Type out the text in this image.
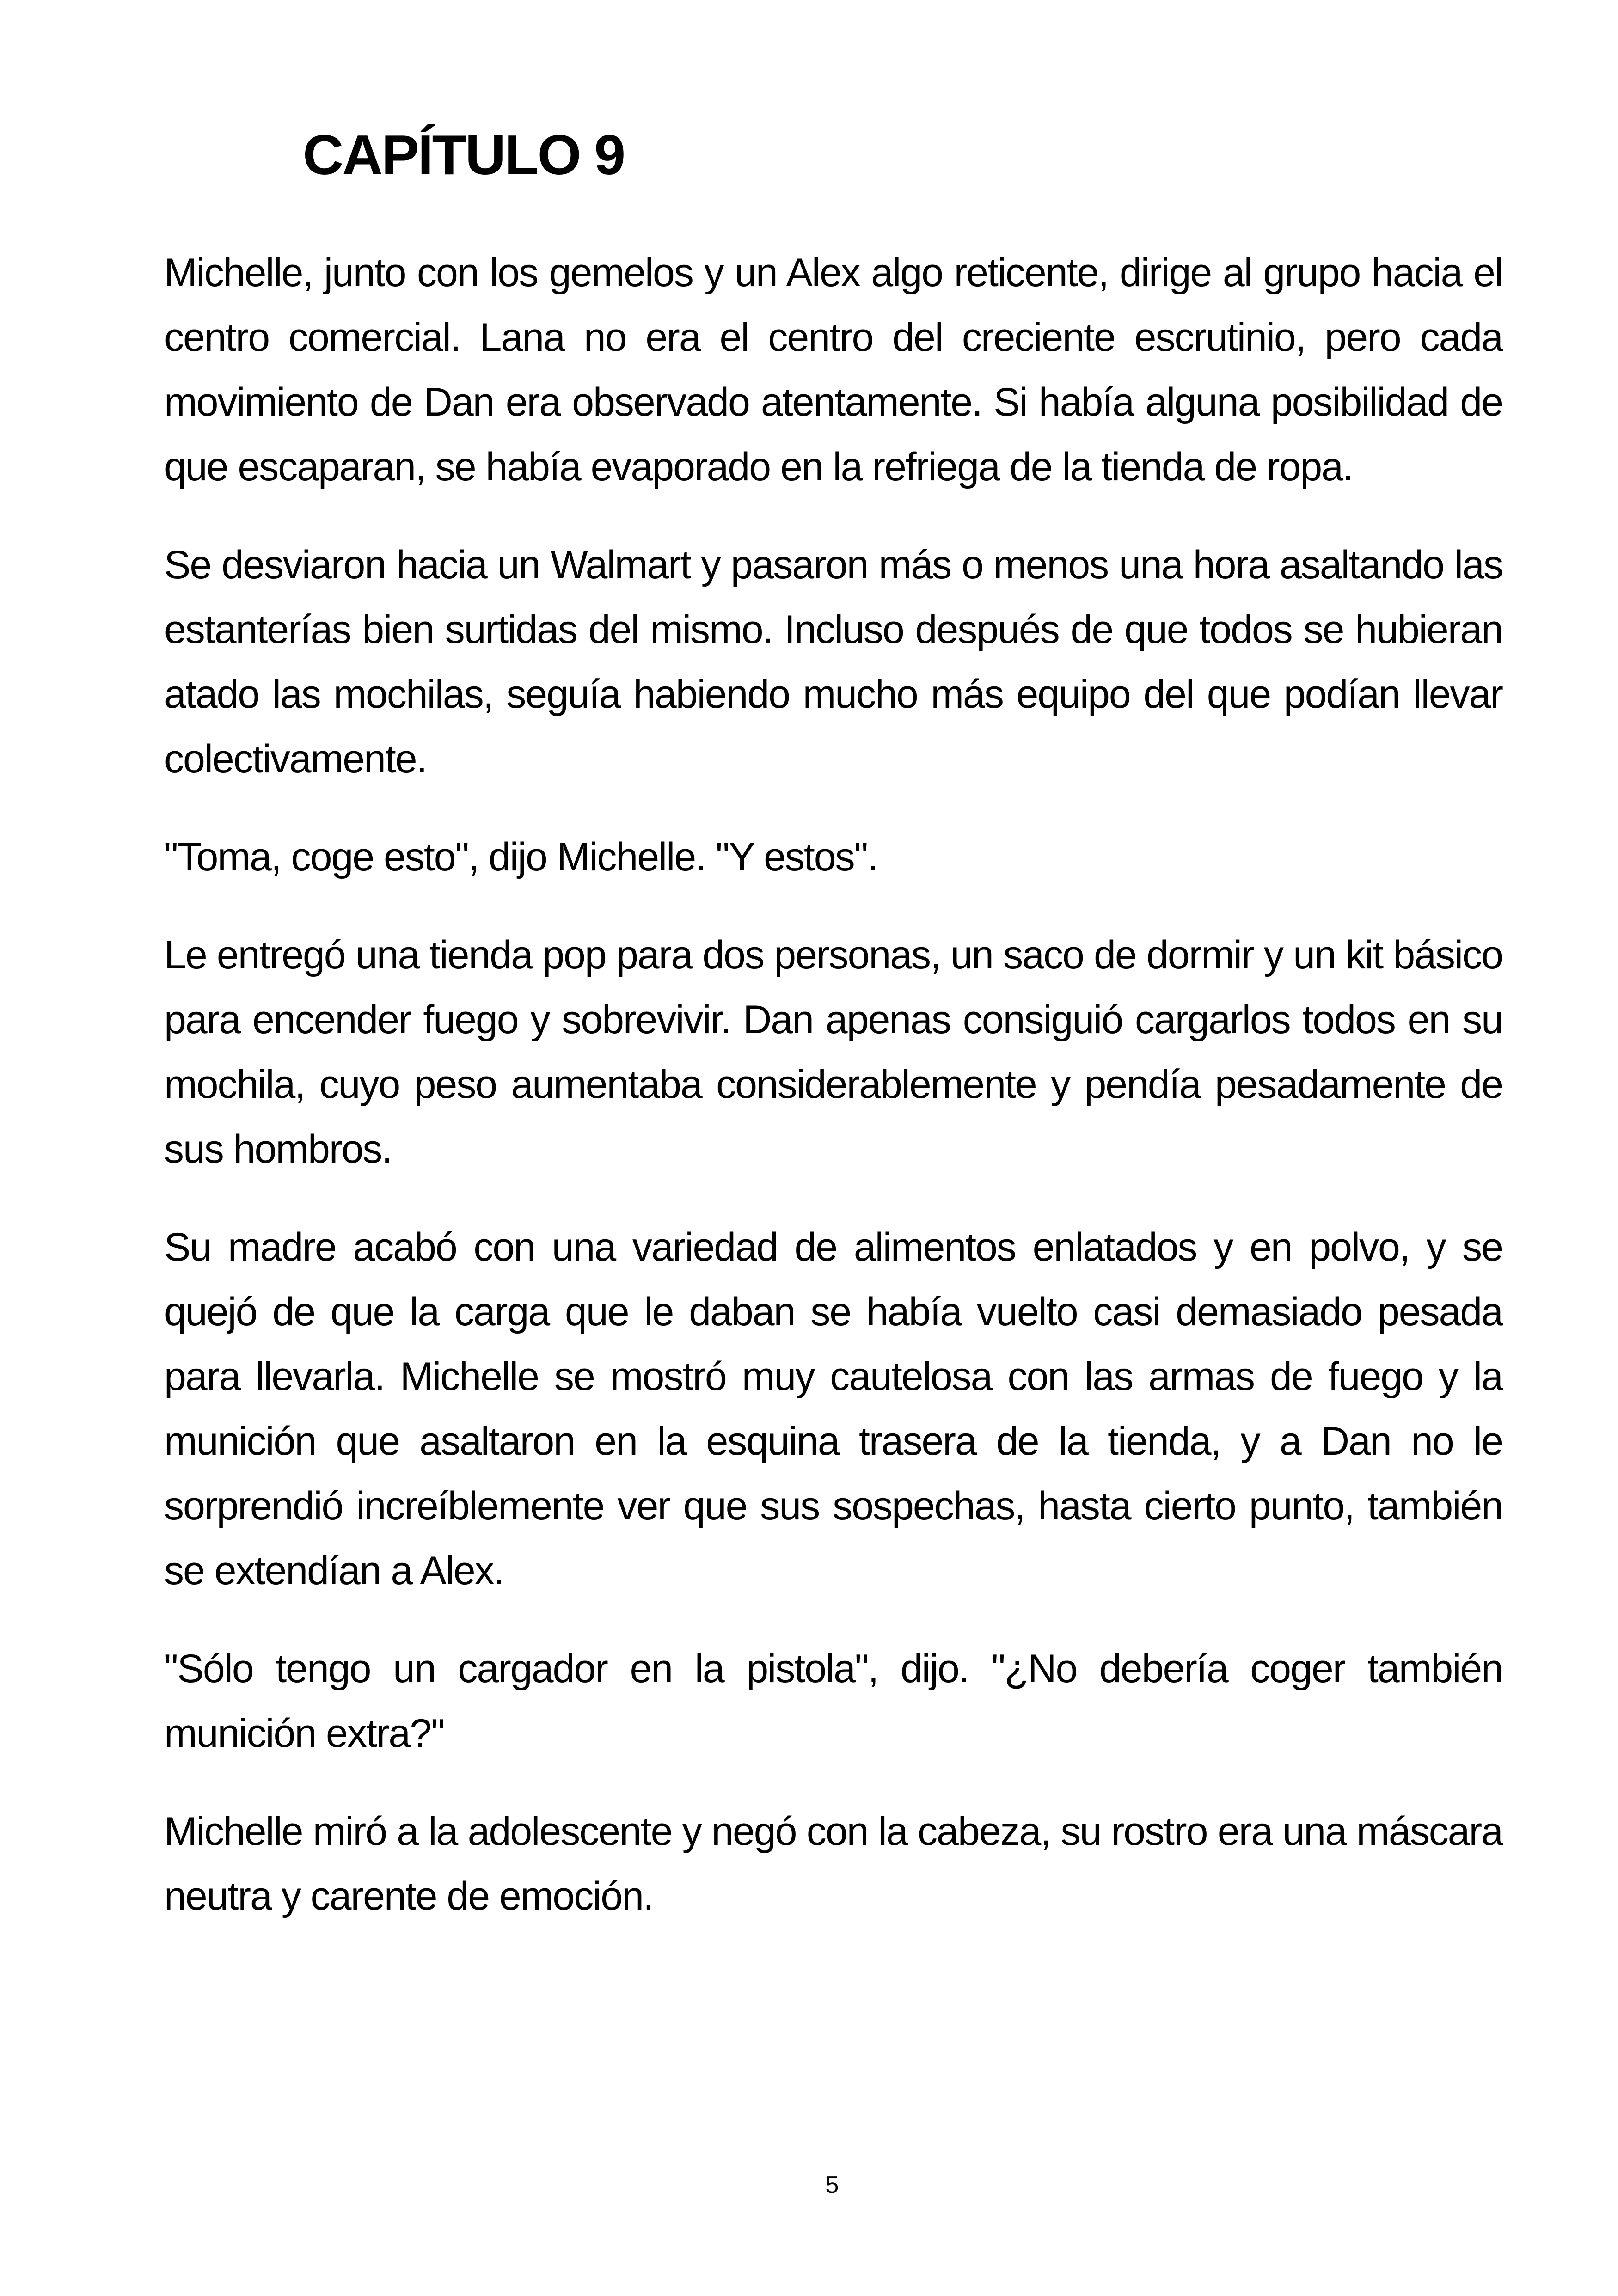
CAPÍTULO 9

Michelle, junto con los gemelos y un Alex algo reticente, dirige al grupo hacia el centro comercial. Lana no era el centro del creciente escrutinio, pero cada movimiento de Dan era observado atentamente. Si había alguna posibilidad de que escaparan, se había evaporado en la refriega de la tienda de ropa.

Se desviaron hacia un Walmart y pasaron más o menos una hora asaltando las estanterías bien surtidas del mismo. Incluso después de que todos se hubieran atado las mochilas, seguía habiendo mucho más equipo del que podían llevar colectivamente.

"Toma, coge esto", dijo Michelle. "Y estos".

Le entregó una tienda pop para dos personas, un saco de dormir y un kit básico para encender fuego y sobrevivir. Dan apenas consiguió cargarlos todos en su mochila, cuyo peso aumentaba considerablemente y pendía pesadamente de sus hombros.

Su madre acabó con una variedad de alimentos enlatados y en polvo, y se quejó de que la carga que le daban se había vuelto casi demasiado pesada para llevarla. Michelle se mostró muy cautelosa con las armas de fuego y la munición que asaltaron en la esquina trasera de la tienda, y a Dan no le sorprendió increíblemente ver que sus sospechas, hasta cierto punto, también se extendían a Alex.

"Sólo tengo un cargador en la pistola", dijo. "¿No debería coger también munición extra?"

Michelle miró a la adolescente y negó con la cabeza, su rostro era una máscara neutra y carente de emoción.

5
